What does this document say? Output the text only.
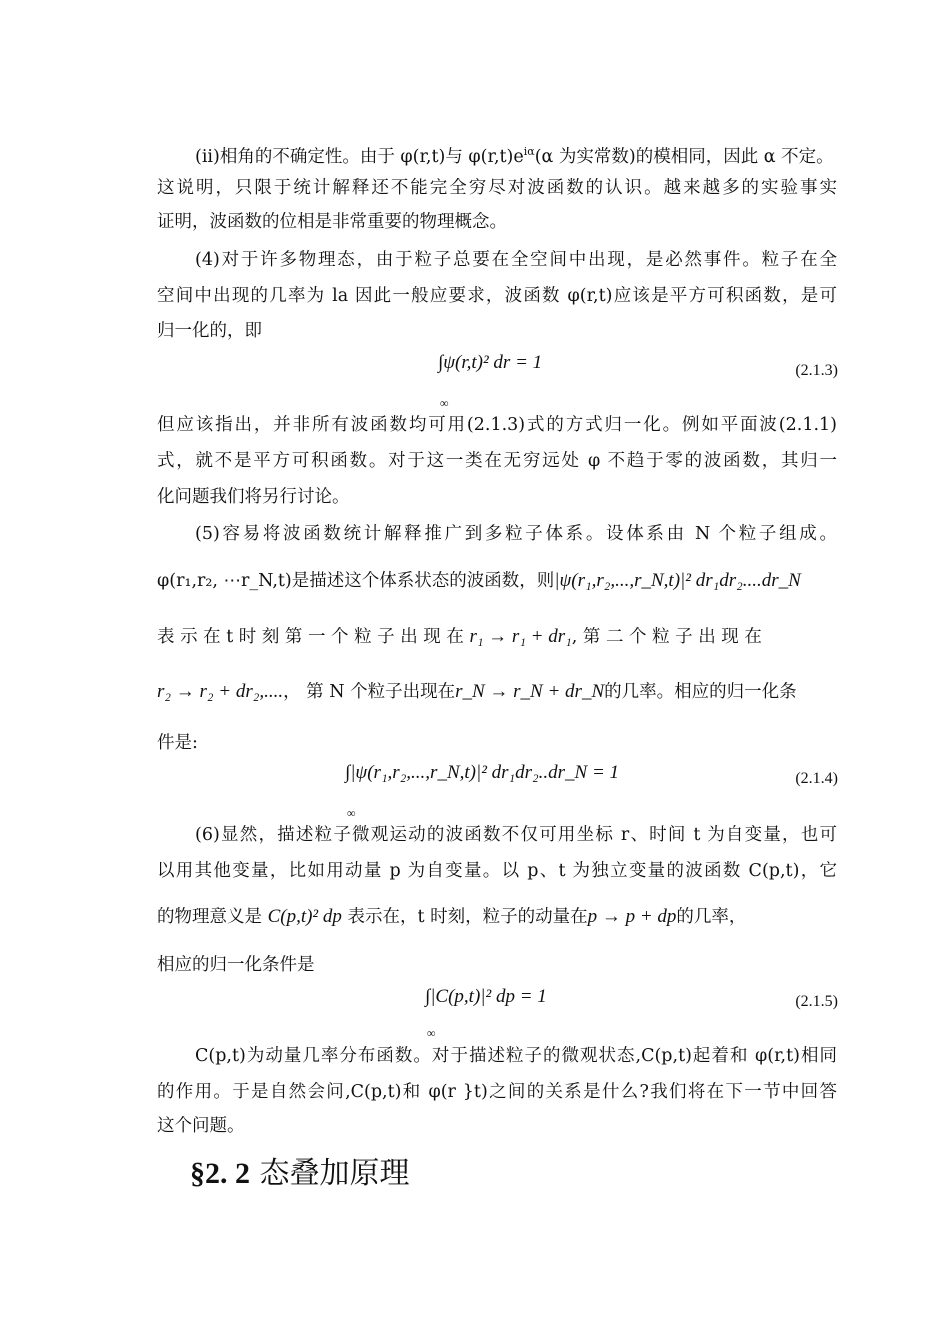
(ii)相角的不确定性。由于 φ(r,t)与 $\varphi(r,t)e^{i\alpha}(\alpha$ 为实常数)的模相同，因此 α 不定。
这说明，只限于统计解释还不能完全穷尽对波函数的认识。越来越多的实验事实
证明，波函数的位相是非常重要的物理概念。
(4)对于许多物理态，由于粒子总要在全空间中出现，是必然事件。粒子在全
空间中出现的几率为 la 因此一般应要求，波函数 φ(r,t)应该是平方可积函数，是可
归一化的，即
∫ψ(r,t)² dr = 1
∞
(2.1.3)
但应该指出，并非所有波函数均可用(2.1.3)式的方式归一化。例如平面波(2.1.1)
式，就不是平方可积函数。对于这一类在无穷远处 φ 不趋于零的波函数，其归一
化问题我们将另行讨论。
(5)容易将波函数统计解释推广到多粒子体系。设体系由 N 个粒子组成。
φ(r₁,r₂, ⋯r_N,t)是描述这个体系状态的波函数，则|ψ(r₁,r₂,...,r_N,t)|² dr₁dr₂....dr_N
表 示 在 t 时 刻 第 一 个 粒 子 出 现 在 r₁ → r₁ + dr₁, 第 二 个 粒 子 出 现 在
r₂ → r₂ + dr₂,....， 第 N 个粒子出现在r_N → r_N + dr_N的几率。相应的归一化条
件是:
∫|ψ(r₁,r₂,...,r_N,t)|² dr₁dr₂..dr_N = 1
∞
(2.1.4)
(6)显然，描述粒子微观运动的波函数不仅可用坐标 r、时间 t 为自变量，也可
以用其他变量，比如用动量 p 为自变量。以 p、t 为独立变量的波函数 C(p,t)，它
的物理意义是 C(p,t)² dp 表示在，t 时刻，粒子的动量在p → p + dp的几率，
相应的归一化条件是
∫|C(p,t)|² dp = 1
∞
(2.1.5)
C(p,t)为动量几率分布函数。对于描述粒子的微观状态,C(p,t)起着和 φ(r,t)相同
的作用。于是自然会问,C(p,t)和 φ(r }t)之间的关系是什么?我们将在下一节中回答
这个问题。
§2. 2 态叠加原理
